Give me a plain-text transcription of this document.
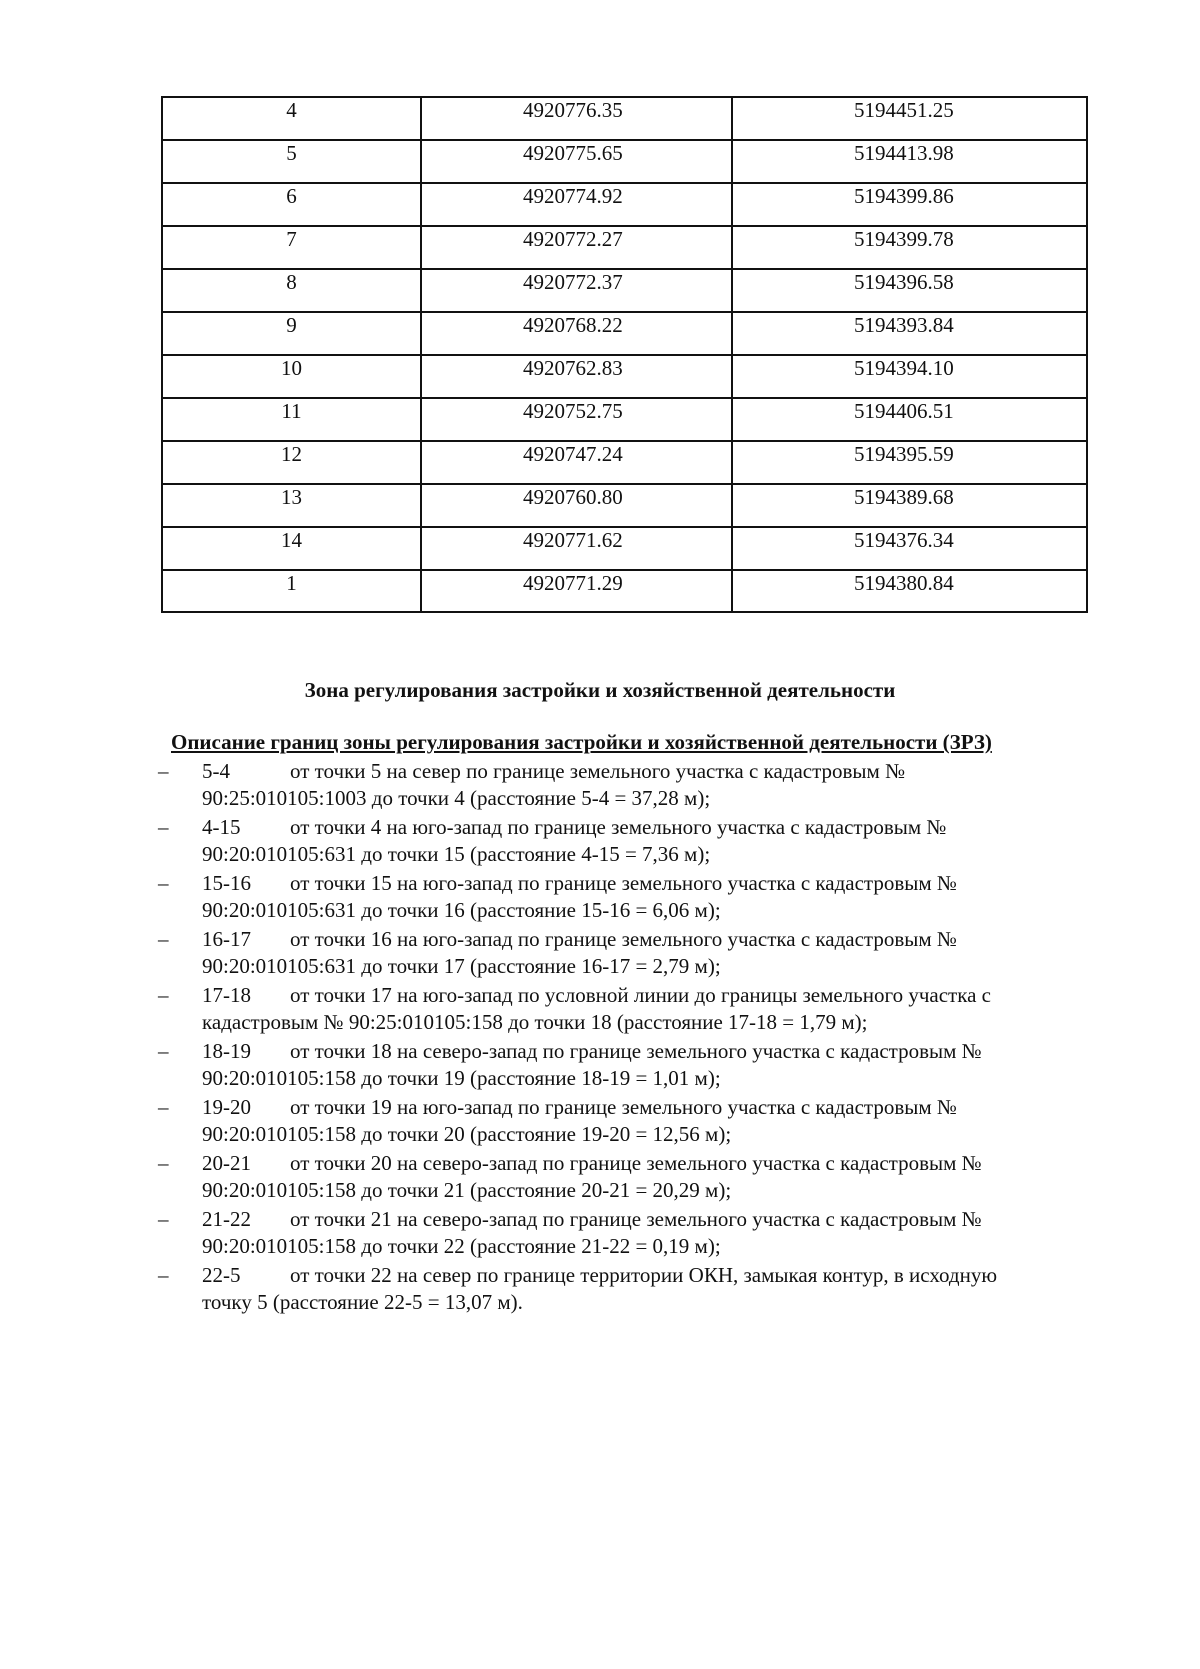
4	4920776.35	5194451.25
5	4920775.65	5194413.98
6	4920774.92	5194399.86
7	4920772.27	5194399.78
8	4920772.37	5194396.58
9	4920768.22	5194393.84
10	4920762.83	5194394.10
11	4920752.75	5194406.51
12	4920747.24	5194395.59
13	4920760.80	5194389.68
14	4920771.62	5194376.34
1	4920771.29	5194380.84

Зона регулирования застройки и хозяйственной деятельности

Описание границ зоны регулирования застройки и хозяйственной деятельности (ЗРЗ)

– 5-4	от точки 5 на север по границе земельного участка с кадастровым №
90:25:010105:1003 до точки 4 (расстояние 5-4 = 37,28 м);
– 4-15	от точки 4 на юго-запад по границе земельного участка с кадастровым №
90:20:010105:631 до точки 15 (расстояние 4-15 = 7,36 м);
– 15-16	от точки 15 на юго-запад по границе земельного участка с кадастровым №
90:20:010105:631 до точки 16 (расстояние 15-16 = 6,06 м);
– 16-17	от точки 16 на юго-запад по границе земельного участка с кадастровым №
90:20:010105:631 до точки 17 (расстояние 16-17 = 2,79 м);
– 17-18	от точки 17 на юго-запад по условной линии до границы земельного участка с
кадастровым № 90:25:010105:158 до точки 18 (расстояние 17-18 = 1,79 м);
– 18-19	от точки 18 на северо-запад по границе земельного участка с кадастровым №
90:20:010105:158 до точки 19 (расстояние 18-19 = 1,01 м);
– 19-20	от точки 19 на юго-запад по границе земельного участка с кадастровым №
90:20:010105:158 до точки 20 (расстояние 19-20 = 12,56 м);
– 20-21	от точки 20 на северо-запад по границе земельного участка с кадастровым №
90:20:010105:158 до точки 21 (расстояние 20-21 = 20,29 м);
– 21-22	от точки 21 на северо-запад по границе земельного участка с кадастровым №
90:20:010105:158 до точки 22 (расстояние 21-22 = 0,19 м);
– 22-5	от точки 22 на север по границе территории ОКН, замыкая контур, в исходную
точку 5 (расстояние 22-5 = 13,07 м).
